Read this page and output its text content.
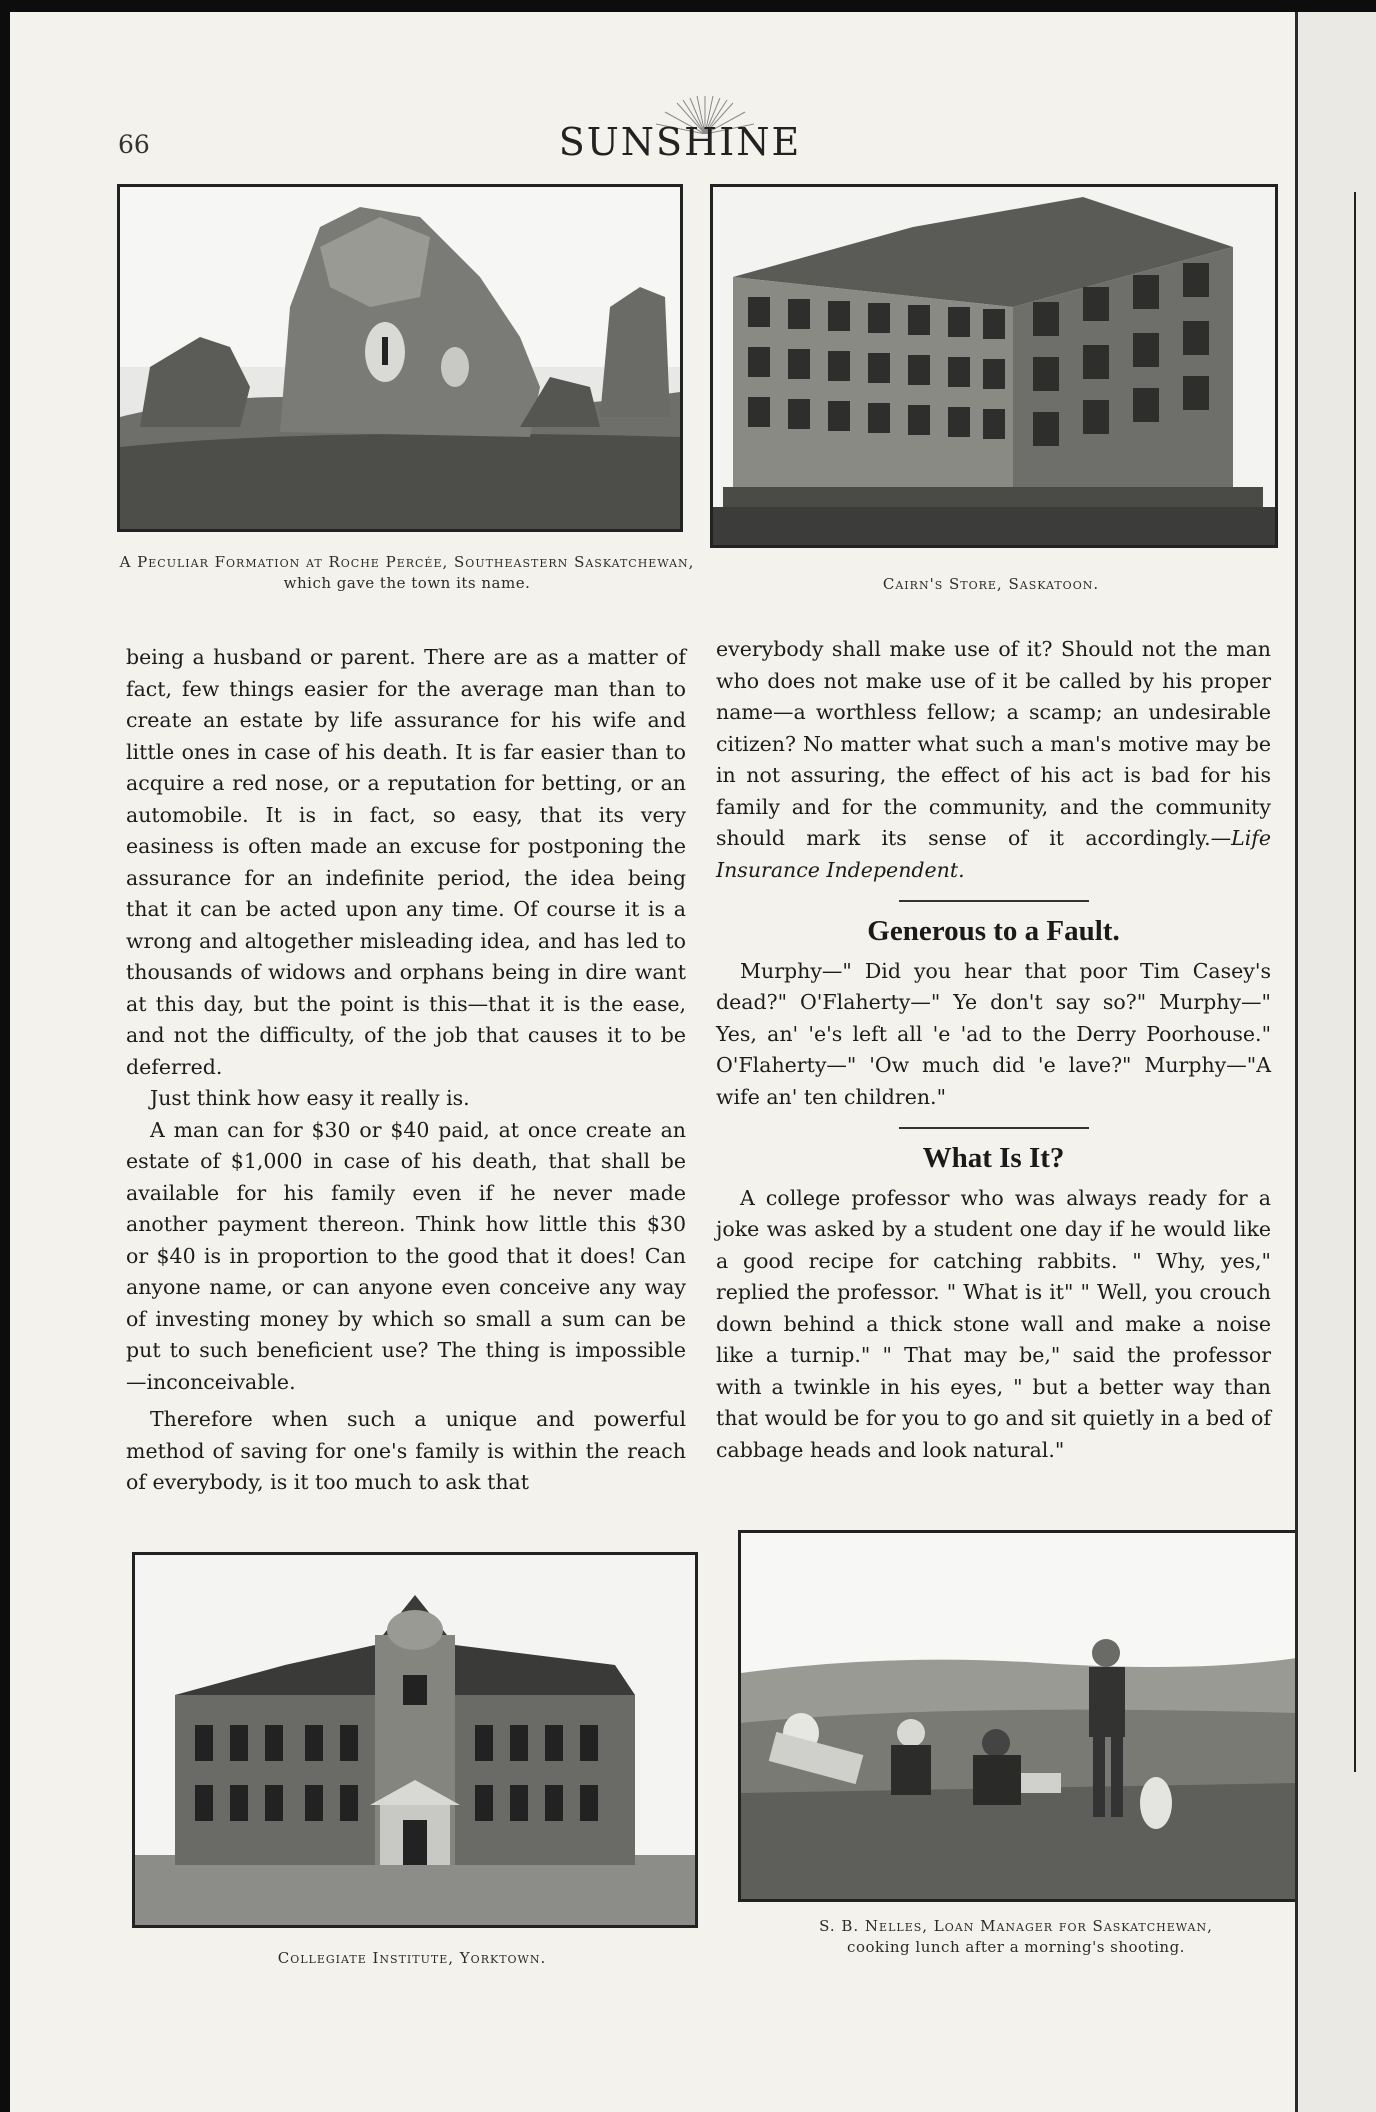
66	SUNSHINE
A Peculiar Formation at Roche Percée, Southeastern Saskatchewan, which gave the town its name.	Cairn's Store, Saskatoon.

being a husband or parent. There are as a matter of fact, few things easier for the average man than to create an estate by life assurance for his wife and little ones in case of his death. It is far easier than to acquire a red nose, or a reputation for betting, or an automobile. It is in fact, so easy, that its very easiness is often made an excuse for postponing the assurance for an indefinite period, the idea being that it can be acted upon any time. Of course it is a wrong and altogether misleading idea, and has led to thousands of widows and orphans being in dire want at this day, but the point is this—that it is the ease, and not the difficulty, of the job that causes it to be deferred.

Just think how easy it really is.

A man can for $30 or $40 paid, at once create an estate of $1,000 in case of his death, that shall be available for his family even if he never made another payment thereon. Think how little this $30 or $40 is in proportion to the good that it does! Can anyone name, or can anyone even conceive any way of investing money by which so small a sum can be put to such beneficient use? The thing is impossible—inconceivable.

Therefore when such a unique and powerful method of saving for one's family is within the reach of everybody, is it too much to ask that

everybody shall make use of it? Should not the man who does not make use of it be called by his proper name—a worthless fellow; a scamp; an undesirable citizen? No matter what such a man's motive may be in not assuring, the effect of his act is bad for his family and for the community, and the community should mark its sense of it accordingly.—Life Insurance Independent.

Generous to a Fault.

Murphy—" Did you hear that poor Tim Casey's dead?" O'Flaherty—" Ye don't say so?" Murphy—" Yes, an' 'e's left all 'e 'ad to the Derry Poorhouse." O'Flaherty—" 'Ow much did 'e lave?" Murphy—"A wife an' ten children."

What Is It?

A college professor who was always ready for a joke was asked by a student one day if he would like a good recipe for catching rabbits. " Why, yes," replied the professor. " What is it" " Well, you crouch down behind a thick stone wall and make a noise like a turnip." " That may be," said the professor with a twinkle in his eyes, " but a better way than that would be for you to go and sit quietly in a bed of cabbage heads and look natural."

Collegiate Institute, Yorktown.
S. B. Nelles, Loan Manager for Saskatchewan,
cooking lunch after a morning's shooting.
